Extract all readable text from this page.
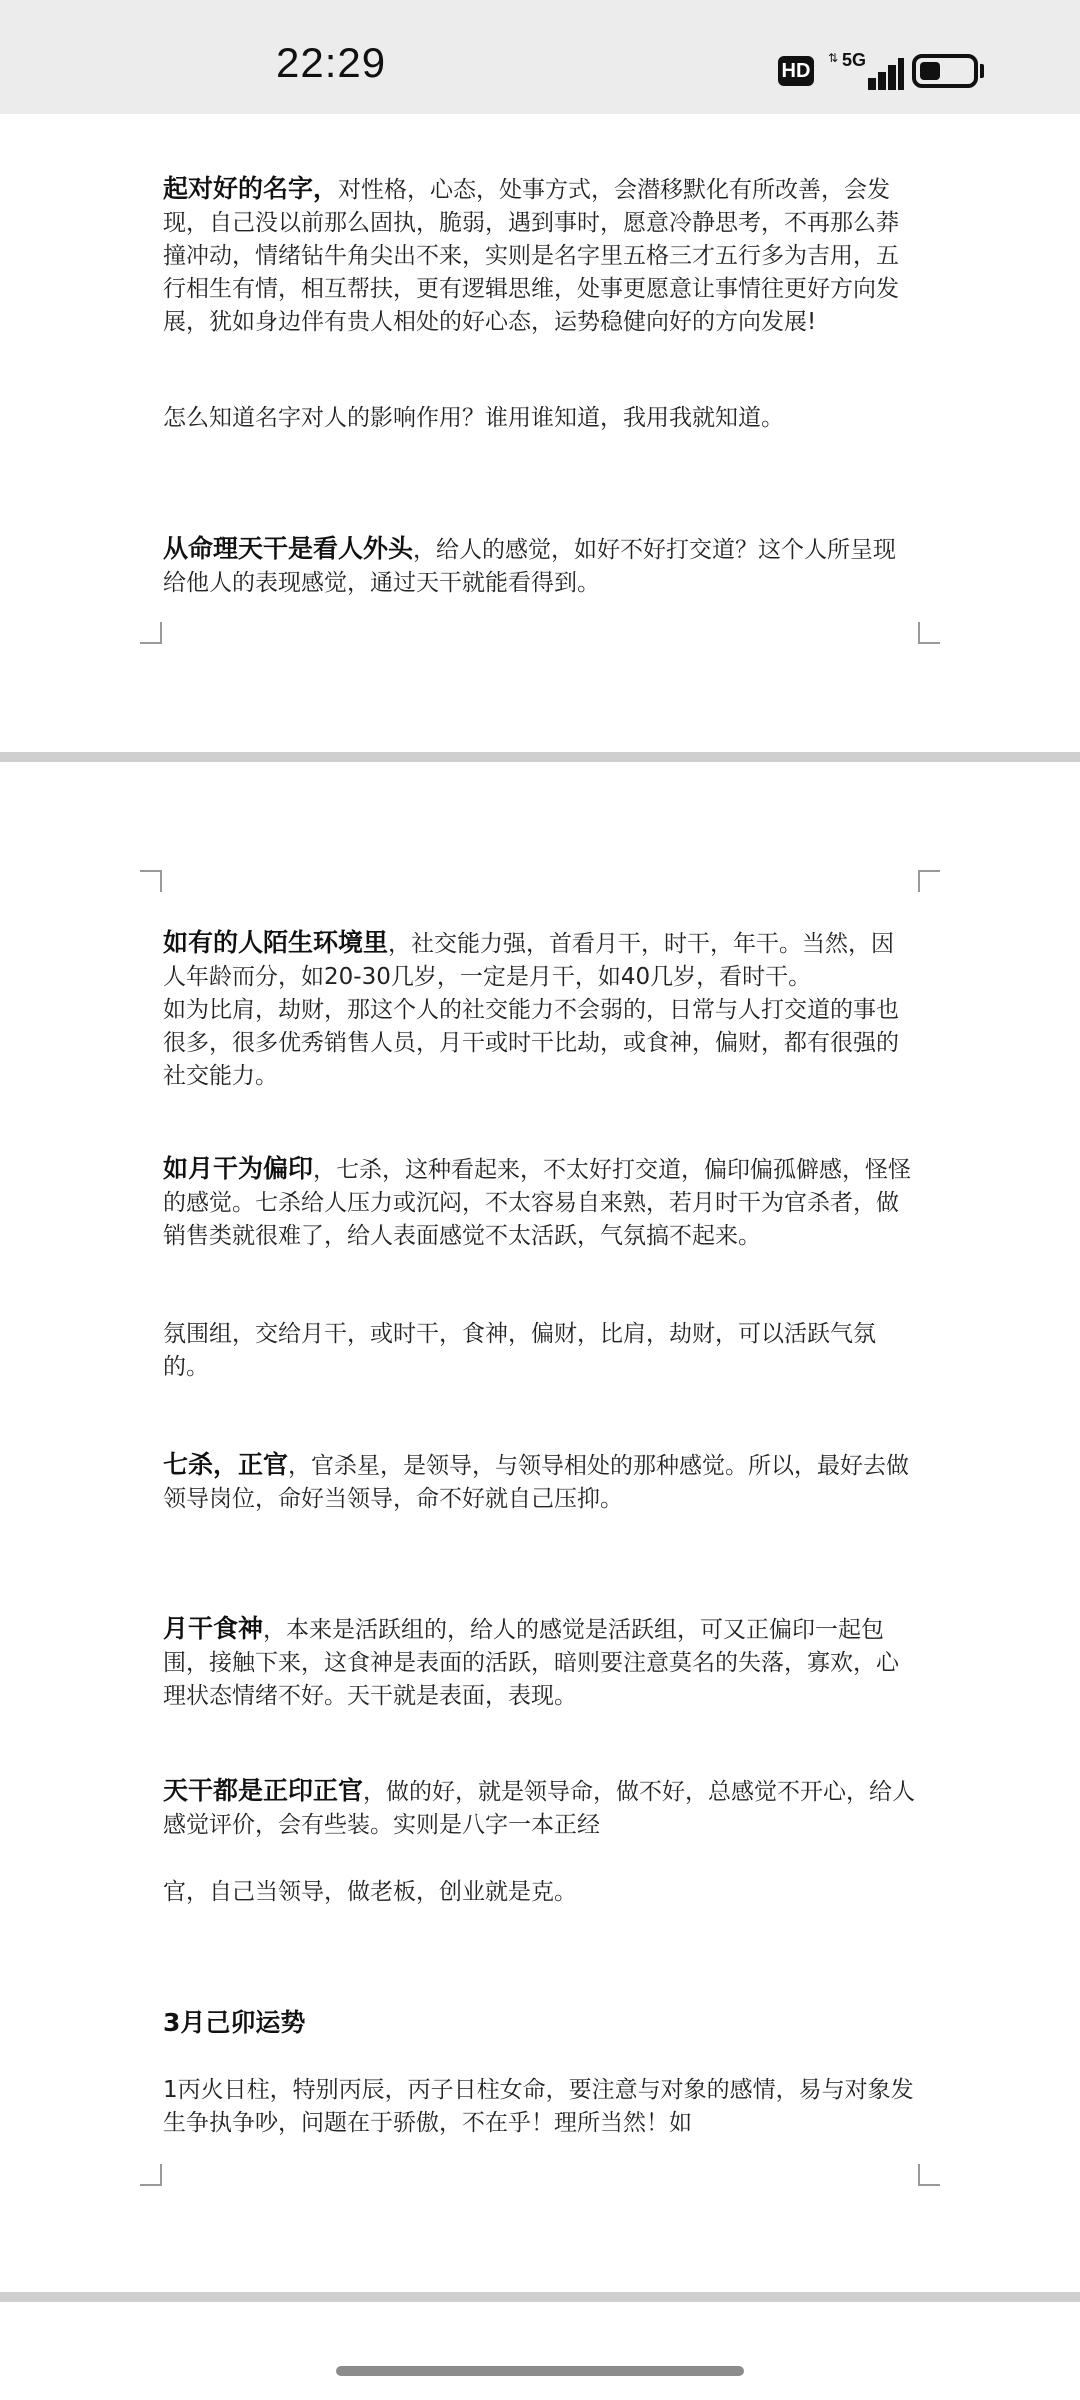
22:29	HD
⇅ 5G

起对好的名字，对性格，心态，处事方式，会潜移默化有所改善，会发现，自己没以前那么固执，脆弱，遇到事时，愿意冷静思考，不再那么莽撞冲动，情绪钻牛角尖出不来，实则是名字里五格三才五行多为吉用，五行相生有情，相互帮扶，更有逻辑思维，处事更愿意让事情往更好方向发展，犹如身边伴有贵人相处的好心态，运势稳健向好的方向发展!

怎么知道名字对人的影响作用？谁用谁知道，我用我就知道。

从命理天干是看人外头，给人的感觉，如好不好打交道？这个人所呈现给他人的表现感觉，通过天干就能看得到。

如有的人陌生环境里，社交能力强，首看月干，时干，年干。当然，因人年龄而分，如20-30几岁，一定是月干，如40几岁，看时干。
如为比肩，劫财，那这个人的社交能力不会弱的，日常与人打交道的事也很多，很多优秀销售人员，月干或时干比劫，或食神，偏财，都有很强的社交能力。

如月干为偏印，七杀，这种看起来，不太好打交道，偏印偏孤僻感，怪怪的感觉。七杀给人压力或沉闷，不太容易自来熟，若月时干为官杀者，做销售类就很难了，给人表面感觉不太活跃，气氛搞不起来。

氛围组，交给月干，或时干，食神，偏财，比肩，劫财，可以活跃气氛的。

七杀，正官，官杀星，是领导，与领导相处的那种感觉。所以，最好去做领导岗位，命好当领导，命不好就自己压抑。

月干食神，本来是活跃组的，给人的感觉是活跃组，可又正偏印一起包围，接触下来，这食神是表面的活跃，暗则要注意莫名的失落，寡欢，心理状态情绪不好。天干就是表面，表现。

天干都是正印正官，做的好，就是领导命，做不好，总感觉不开心，给人感觉评价，会有些装。实则是八字一本正经

官，自己当领导，做老板，创业就是克。

3月己卯运势

1丙火日柱，特别丙辰，丙子日柱女命，要注意与对象的感情，易与对象发生争执争吵，问题在于骄傲，不在乎！理所当然！如
